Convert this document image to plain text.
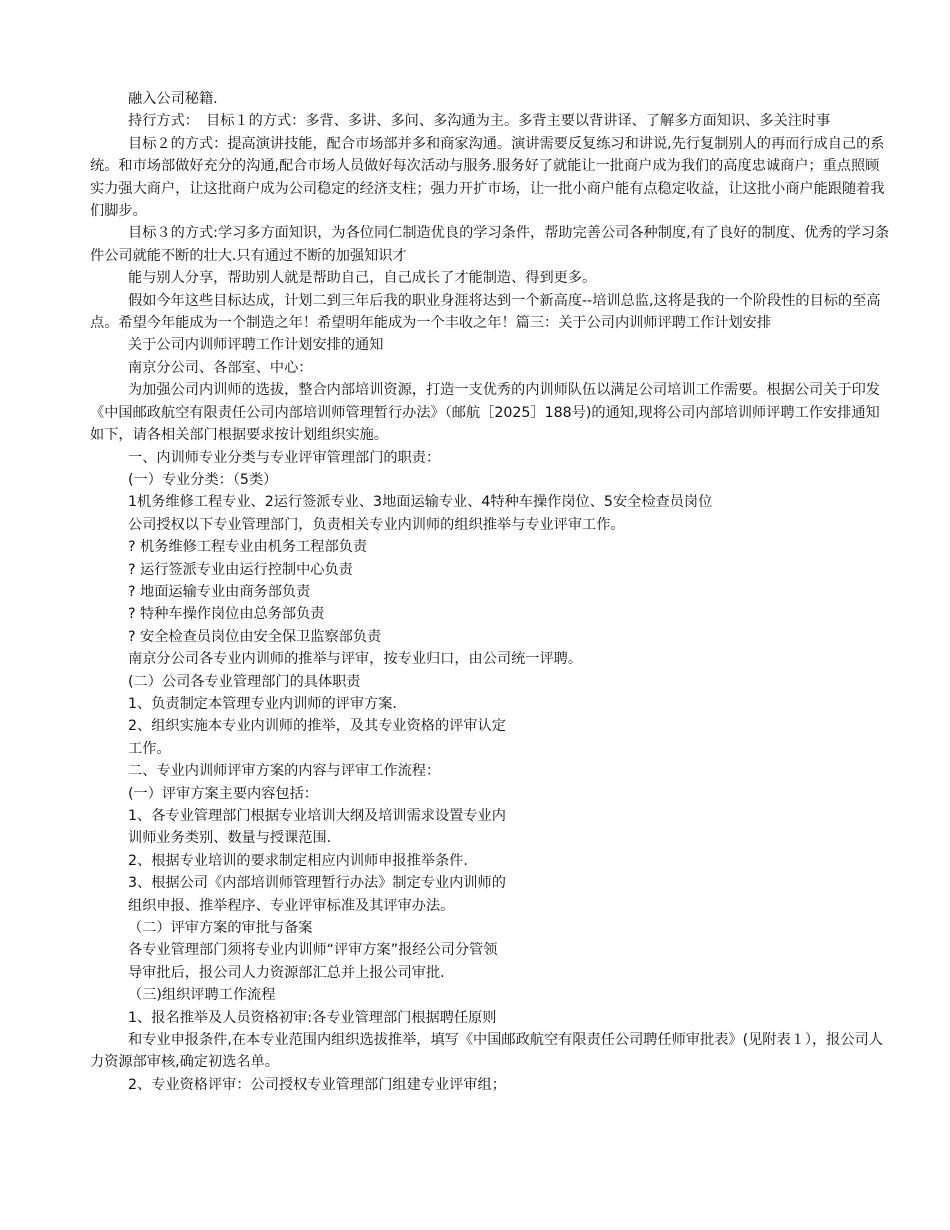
融入公司秘籍.

持行方式：　目标１的方式：多背、多讲、多问、多沟通为主。多背主要以背讲译、了解多方面知识、多关注时事

目标２的方式：提高演讲技能，配合市场部并多和商家沟通。演讲需要反复练习和讲说,先行复制别人的再而行成自己的系统。和市场部做好充分的沟通,配合市场人员做好每次活动与服务.服务好了就能让一批商户成为我们的高度忠诚商户；重点照顾实力强大商户，让这批商户成为公司稳定的经济支柱；强力开扩市场，让一批小商户能有点稳定收益，让这批小商户能跟随着我们脚步。

目标３的方式:学习多方面知识，为各位同仁制造优良的学习条件，帮助完善公司各种制度,有了良好的制度、优秀的学习条件公司就能不断的壮大.只有通过不断的加强知识才

能与别人分享，帮助别人就是帮助自己，自己成长了才能制造、得到更多。

假如今年这些目标达成，计划二到三年后我的职业身涯将达到一个新高度--培训总监,这将是我的一个阶段性的目标的至高点。希望今年能成为一个制造之年！希望明年能成为一个丰收之年！篇三：关于公司内训师评聘工作计划安排

关于公司内训师评聘工作计划安排的通知

南京分公司、各部室、中心：

为加强公司内训师的选拔，整合内部培训资源，打造一支优秀的内训师队伍以满足公司培训工作需要。根据公司关于印发《中国邮政航空有限责任公司内部培训师管理暂行办法》（邮航［2025］188号)的通知,现将公司内部培训师评聘工作安排通知如下，请各相关部门根据要求按计划组织实施。

一、内训师专业分类与专业评审管理部门的职责：

(一）专业分类：（5类）

1机务维修工程专业、2运行签派专业、3地面运输专业、4特种车操作岗位、5安全检查员岗位

公司授权以下专业管理部门，负责相关专业内训师的组织推举与专业评审工作。

? 机务维修工程专业由机务工程部负责

? 运行签派专业由运行控制中心负责

? 地面运输专业由商务部负责

? 特种车操作岗位由总务部负责

? 安全检查员岗位由安全保卫监察部负责

南京分公司各专业内训师的推举与评审，按专业归口，由公司统一评聘。

(二）公司各专业管理部门的具体职责

1、负责制定本管理专业内训师的评审方案.

2、组织实施本专业内训师的推举，及其专业资格的评审认定

工作。

二、专业内训师评审方案的内容与评审工作流程：

(一）评审方案主要内容包括：

1、各专业管理部门根据专业培训大纲及培训需求设置专业内

训师业务类别、数量与授课范围.

2、根据专业培训的要求制定相应内训师申报推举条件.

3、根据公司《内部培训师管理暂行办法》制定专业内训师的

组织申报、推举程序、专业评审标准及其评审办法。

（二）评审方案的审批与备案

各专业管理部门须将专业内训师“评审方案”报经公司分管领

导审批后，报公司人力资源部汇总并上报公司审批.

（三)组织评聘工作流程

1、报名推举及人员资格初审:各专业管理部门根据聘任原则

和专业申报条件,在本专业范围内组织选拔推举，填写《中国邮政航空有限责任公司聘任师审批表》(见附表１），报公司人力资源部审核,确定初选名单。

2、专业资格评审：公司授权专业管理部门组建专业评审组；
